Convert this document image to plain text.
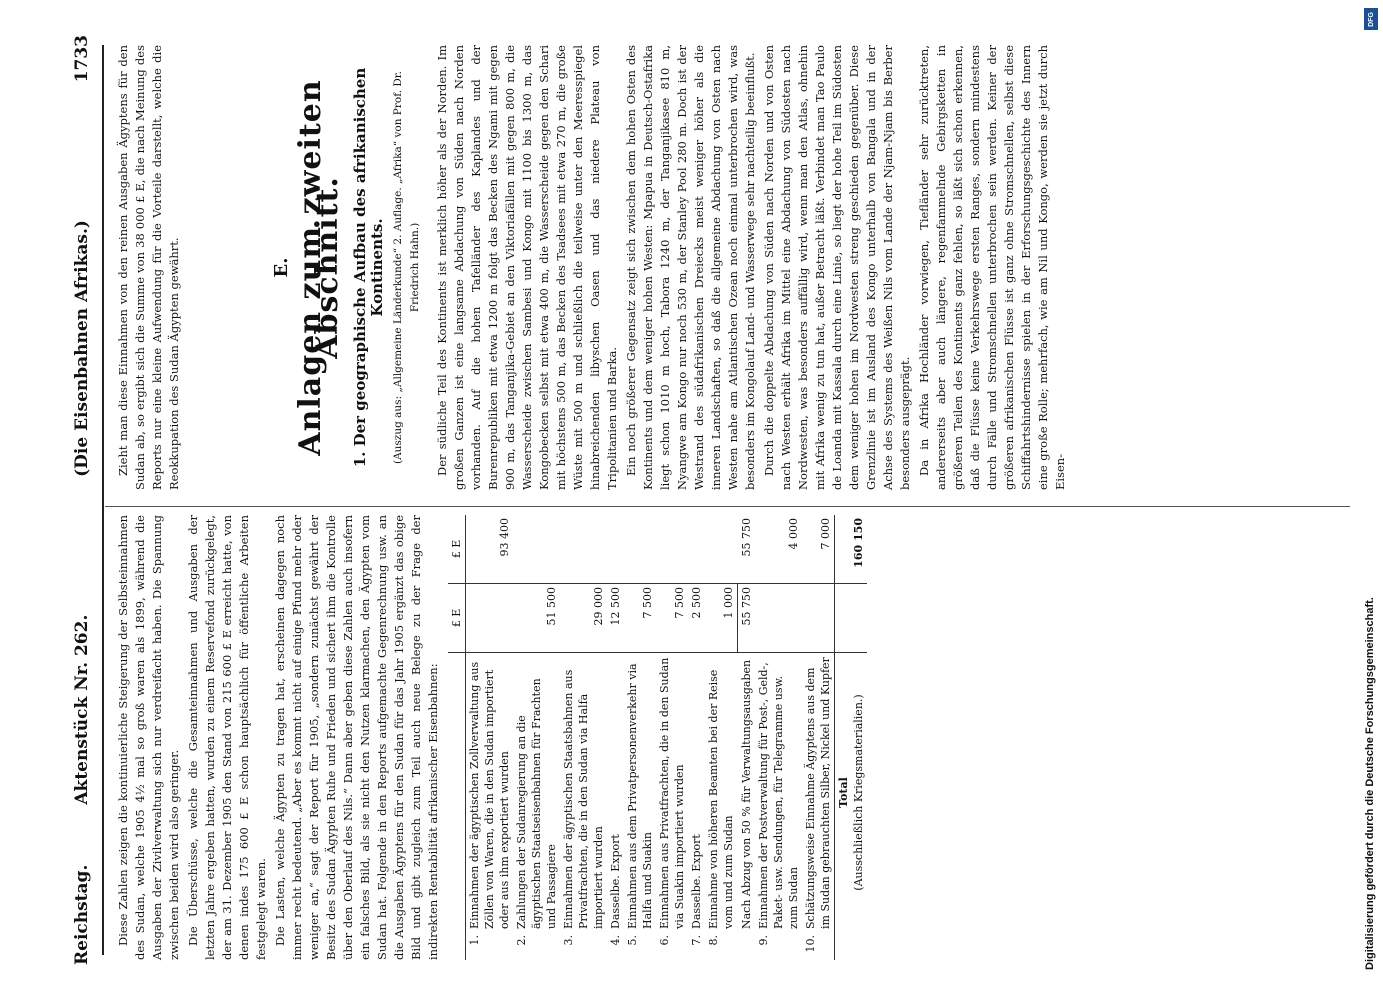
Reichstag.
Aktenstück Nr. 262.
(Die Eisenbahnen Afrikas.)
1733

Diese Zahlen zeigen die kontinuierliche Steigerung der Selbsteinnahmen des Sudan, welche 1905 4½ mal so groß waren als 1899, während die Ausgaben der Zivilverwaltung sich nur verdreifacht haben. Die Spannung zwischen beiden wird also geringer. Die Überschüsse, welche die Gesamteinnahmen und Ausgaben der letzten Jahre ergeben hatten, wurden zu einem Reservefond zurückgelegt, der am 31. Dezember 1905 den Stand von 215 600 £ E erreicht hatte, von denen indes 175 600 £ E schon hauptsächlich für öffentliche Arbeiten festgelegt waren. Die Lasten, welche Ägypten zu tragen hat, erscheinen dagegen noch immer recht bedeutend. „Aber es kommt nicht auf einige Pfund mehr oder weniger an,“ sagt der Report für 1905, „sondern zunächst gewährt der Besitz des Sudan Ägypten Ruhe und Frieden und sichert ihm die Kontrolle über den Oberlauf des Nils.“ Dann aber geben diese Zahlen auch insofern ein falsches Bild, als sie nicht den Nutzen klarmachen, den Ägypten vom Sudan hat. Folgende in den Reports aufgemachte Gegenrechnung usw. an die Ausgaben Ägyptens für den Sudan für das Jahr 1905 ergänzt das obige Bild und gibt zugleich zum Teil auch neue Belege zu der Frage der indirekten Rentabilität afrikanischer Eisenbahnen:

		£ E	£ E
1.	Einnahmen der ägyptischen Zollverwaltung aus Zöllen von Waren, die in den Sudan importiert oder aus ihm exportiert wurden		93 400
2.	Zahlungen der Sudanregierung an die ägyptischen Staatseisenbahnen für Frachten und Passagiere	51 500	
3.	Einnahmen der ägyptischen Staatsbahnen aus Privatfrachten, die in den Sudan via Halfa importiert wurden	29 000	
4.	Dasselbe. Export	12 500	
5.	Einnahmen aus dem Privatpersonenverkehr via Halfa und Suakin	7 500	
6.	Einnahmen aus Privatfrachten, die in den Sudan via Suakin importiert wurden	7 500	
7.	Dasselbe. Export	2 500	
8.	Einnahme von höheren Beamten bei der Reise vom und zum Sudan	1 000	
	Nach Abzug von 50 % für Verwaltungsausgaben	55 750	55 750
9.	Einnahmen der Postverwaltung für Post-, Geld-, Paket- usw. Sendungen, für Telegramme usw. zum Sudan		4 000
10.	Schätzungsweise Einnahme Ägyptens aus dem im Sudan gebrauchten Silber, Nickel und Kupfer		7 000

	Total (Ausschließlich Kriegsmaterialien.)		160 150

Zieht man diese Einnahmen von den reinen Ausgaben Ägyptens für den Sudan ab, so ergibt sich die Summe von 38 000 £ E, die nach Meinung des Reports nur eine kleine Aufwendung für die Vorteile darstellt, welche die Reokkupation des Sudan Ägypten gewährt.	E. Anlagen zum zweiten Abschnitt. 1. Der geographische Aufbau des afrikanischen Kontinents. (Auszug aus: „Allgemeine Länderkunde“ 2. Auflage. „Afrika“ von Prof. Dr. Friedrich Hahn.) Der südliche Teil des Kontinents ist merklich höher als der Norden. Im großen Ganzen ist eine langsame Abdachung von Süden nach Norden vorhanden. Auf die hohen Tafelländer des Kaplandes und der Burenrepubliken mit etwa 1200 m folgt das Becken des Ngami mit gegen 900 m, das Tanganjika-Gebiet an den Viktoriafällen mit gegen 800 m, die Wasserscheide zwischen Sambesi und Kongo mit 1100 bis 1300 m, das Kongobecken selbst mit etwa 400 m, die Wasserscheide gegen den Schari mit höchstens 500 m, das Becken des Tsadsees mit etwa 270 m, die große Wüste mit 500 m und schließlich die teilweise unter den Meeresspiegel hinabreichenden libyschen Oasen und das niedere Plateau von Tripolitanien und Barka. Ein noch größerer Gegensatz zeigt sich zwischen dem hohen Osten des Kontinents und dem weniger hohen Westen: Mpapua in Deutsch-Ostafrika liegt schon 1010 m hoch, Tabora 1240 m, der Tanganjikasee 810 m, Nyangwe am Kongo nur noch 530 m, der Stanley Pool 280 m. Doch ist der Westrand des südafrikanischen Dreiecks meist weniger höher als die inneren Landschaften, so daß die allgemeine Abdachung von Osten nach Westen nahe am Atlantischen Ozean noch einmal unterbrochen wird, was besonders im Kongolauf Land- und Wasserwege sehr nachteilig beeinflußt. Durch die doppelte Abdachung von Süden nach Norden und von Osten nach Westen erhält Afrika im Mittel eine Abdachung von Südosten nach Nordwesten, was besonders auffällig wird, wenn man den Atlas, ohnehin mit Afrika wenig zu tun hat, außer Betracht läßt. Verbindet man Tao Paulo de Loanda mit Kassala durch eine Linie, so liegt der hohe Teil im Südosten dem weniger hohen im Nordwesten streng geschieden gegenüber. Diese Grenzlinie ist im Ausland des Kongo unterhalb von Bangala und in der Achse des Systems des Weißen Nils vom Lande der Njam-Njam bis Berber besonders ausgeprägt. Da in Afrika Hochländer vorwiegen, Tiefländer sehr zurücktreten, andererseits aber auch längere, regenfammelnde Gebirgsketten in größeren Teilen des Kontinents ganz fehlen, so läßt sich schon erkennen, daß die Flüsse keine Verkehrswege ersten Ranges, sondern mindestens durch Fälle und Stromschnellen unterbrochen sein werden. Keiner der größeren afrikanischen Flüsse ist ganz ohne Stromschnellen, selbst diese Schiffahrtshindernisse spielen in der Erforschungsgeschichte des Innern eine große Rolle; mehrfach, wie am Nil und Kongo, werden sie jetzt durch Eisen-

DFG
Digitalisierung gefördert durch die Deutsche Forschungsgemeinschaft.
